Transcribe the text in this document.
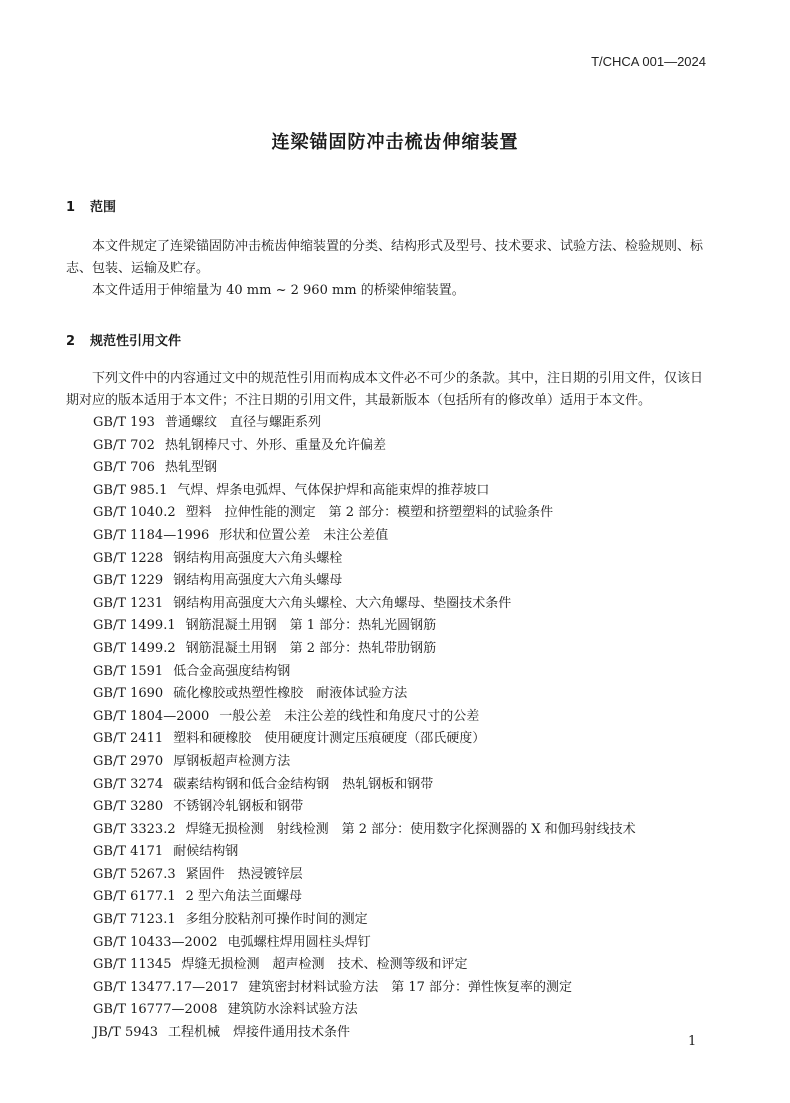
T/CHCA 001—2024
连梁锚固防冲击梳齿伸缩装置
1 范围
本文件规定了连梁锚固防冲击梳齿伸缩装置的分类、结构形式及型号、技术要求、试验方法、检验规则、标志、包装、运输及贮存。
本文件适用于伸缩量为 40 mm ~ 2 960 mm 的桥梁伸缩装置。
2 规范性引用文件
下列文件中的内容通过文中的规范性引用而构成本文件必不可少的条款。其中，注日期的引用文件，仅该日期对应的版本适用于本文件；不注日期的引用文件，其最新版本（包括所有的修改单）适用于本文件。
GB/T 193 普通螺纹　直径与螺距系列
GB/T 702 热轧钢棒尺寸、外形、重量及允许偏差
GB/T 706 热轧型钢
GB/T 985.1 气焊、焊条电弧焊、气体保护焊和高能束焊的推荐坡口
GB/T 1040.2 塑料　拉伸性能的测定　第 2 部分：模塑和挤塑塑料的试验条件
GB/T 1184—1996 形状和位置公差　未注公差值
GB/T 1228 钢结构用高强度大六角头螺栓
GB/T 1229 钢结构用高强度大六角头螺母
GB/T 1231 钢结构用高强度大六角头螺栓、大六角螺母、垫圈技术条件
GB/T 1499.1 钢筋混凝土用钢　第 1 部分：热轧光圆钢筋
GB/T 1499.2 钢筋混凝土用钢　第 2 部分：热轧带肋钢筋
GB/T 1591 低合金高强度结构钢
GB/T 1690 硫化橡胶或热塑性橡胶　耐液体试验方法
GB/T 1804—2000 一般公差　未注公差的线性和角度尺寸的公差
GB/T 2411 塑料和硬橡胶　使用硬度计测定压痕硬度（邵氏硬度）
GB/T 2970 厚钢板超声检测方法
GB/T 3274 碳素结构钢和低合金结构钢　热轧钢板和钢带
GB/T 3280 不锈钢冷轧钢板和钢带
GB/T 3323.2 焊缝无损检测　射线检测　第 2 部分：使用数字化探测器的 X 和伽玛射线技术
GB/T 4171 耐候结构钢
GB/T 5267.3 紧固件　热浸镀锌层
GB/T 6177.1 2 型六角法兰面螺母
GB/T 7123.1 多组分胶粘剂可操作时间的测定
GB/T 10433—2002 电弧螺柱焊用圆柱头焊钉
GB/T 11345 焊缝无损检测　超声检测　技术、检测等级和评定
GB/T 13477.17—2017 建筑密封材料试验方法　第 17 部分：弹性恢复率的测定
GB/T 16777—2008 建筑防水涂料试验方法
JB/T 5943 工程机械　焊接件通用技术条件
1
